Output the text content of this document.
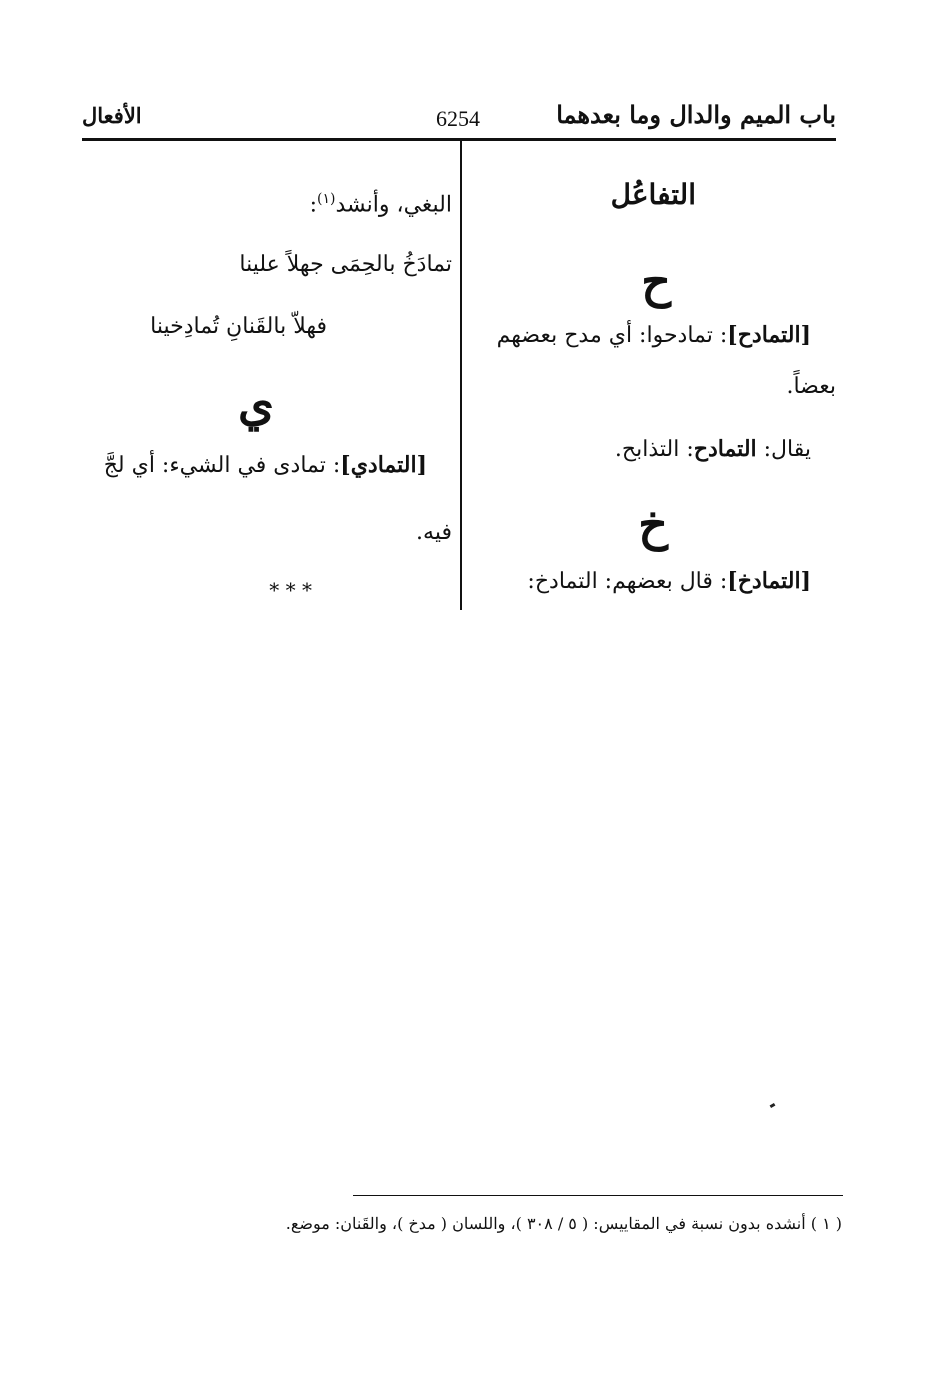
باب الميم والدال وما بعدهما
6254
الأفعال
التفاعُل
ح
[التمادح]: تمادحوا: أي مدح بعضهم
بعضاً.
يقال: التمادح: التذابح.
خ
[التمادخ]: قال بعضهم: التمادخ:
البغي، وأنشد$^{(١)}$:
تمادَخُ بالحِمَى جهلاً علينا
فهلاّ بالقَنانِ تُمادِخينا
ي
[التمادي]: تمادى في الشيء: أي لجَّ
فيه.
* * *
( ١ ) أنشده بدون نسبة في المقاييس: ( ٥ / ٣٠٨ )، واللسان ( مدخ )، والقَنان: موضع.
